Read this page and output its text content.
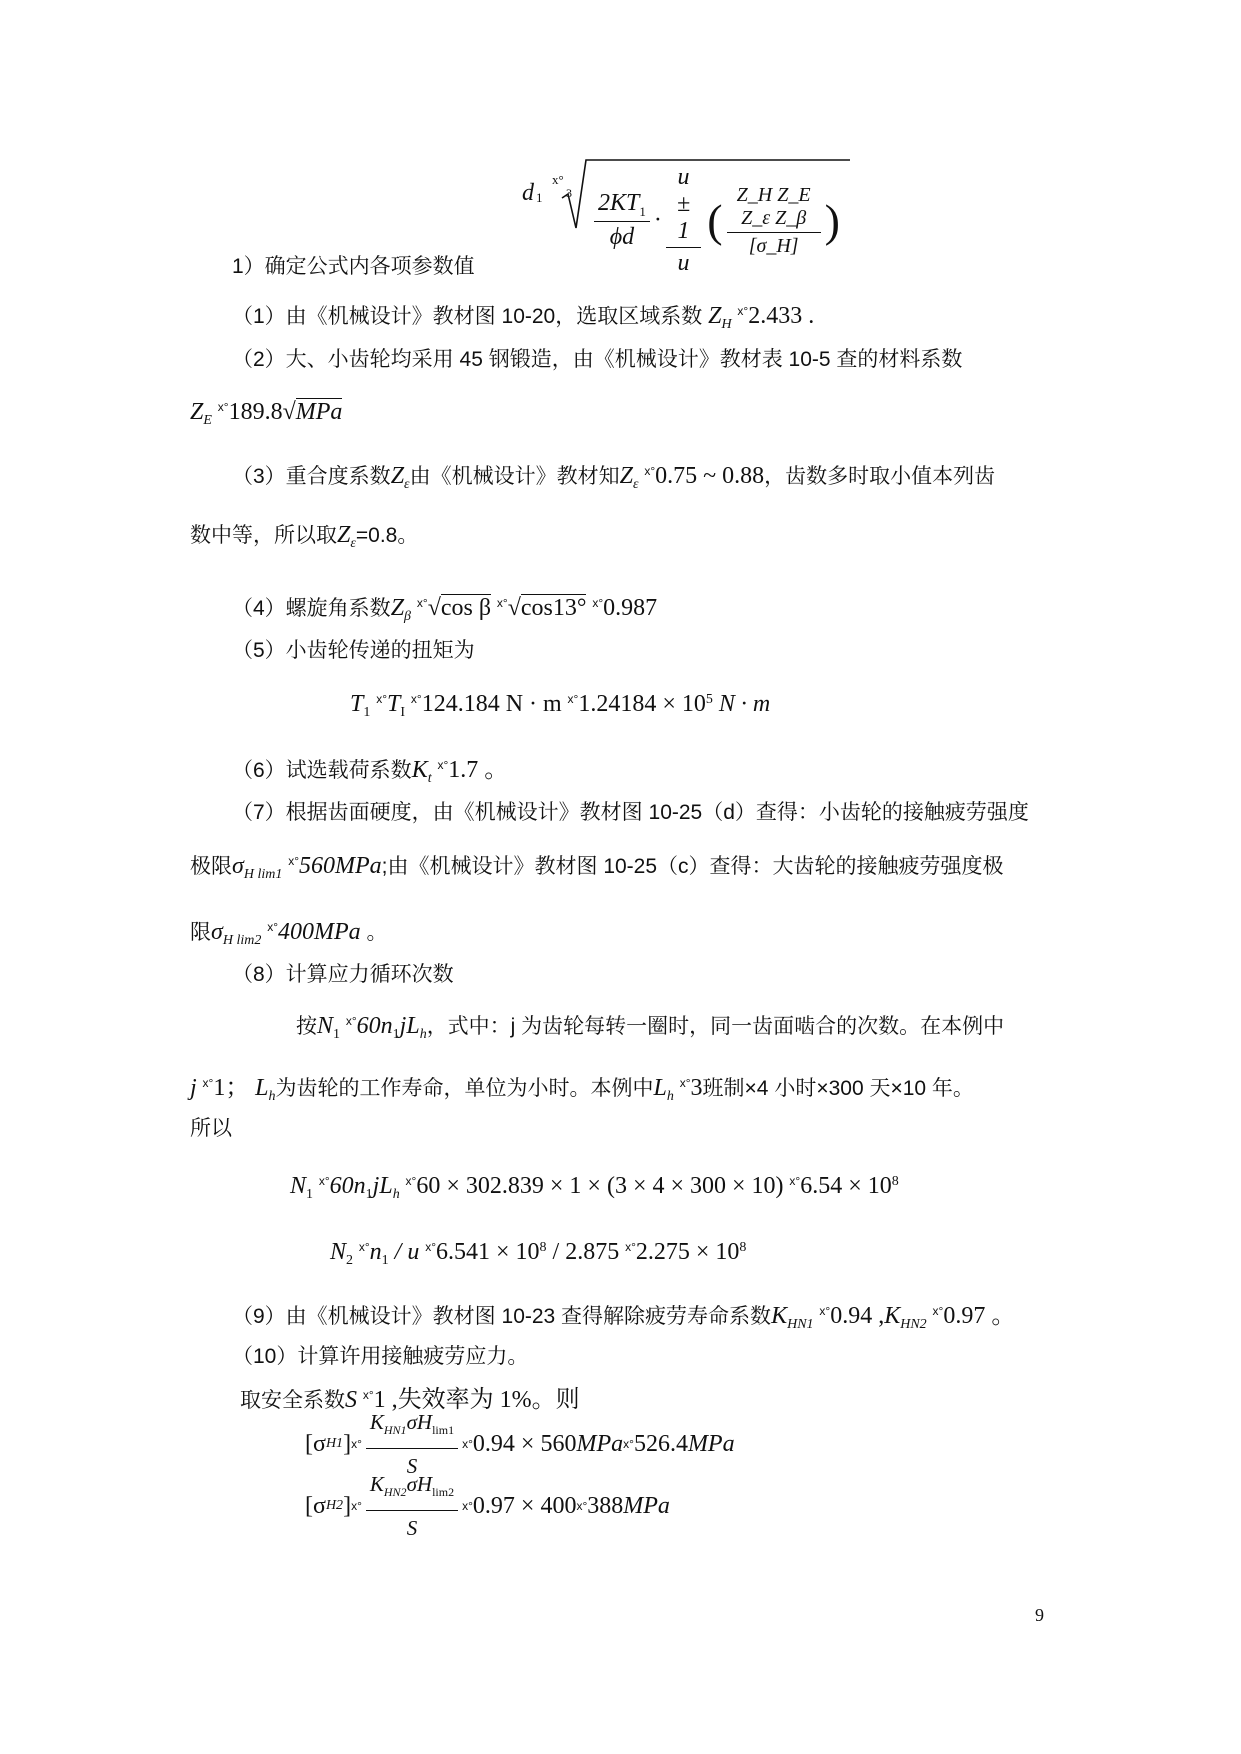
d 1
x°
$3 \frac{2KT_1}{\phi d} \cdot \frac{u \pm 1}{u}$ ( $\frac{\text{Z\_H Z\_E Z\_ε Z\_β}}{[\sigma\_H]}$ )
1）确定公式内各项参数值
（1）由《机械设计》教材图 10-20，选取区域系数 $Z_H$ $^{x^\circ}$2.433 .
（2）大、小齿轮均采用 45 钢锻造，由《机械设计》教材表 10-5 查的材料系数
$Z_E$ $^{x^\circ}$189.8√MPa
（3）重合度系数$Z_\varepsilon$由《机械设计》教材知$Z_\varepsilon$ $^{x^\circ}$0.75 ~ 0.88，齿数多时取小值本列齿
数中等，所以取$Z_\varepsilon=0.8$。
（4）螺旋角系数$Z_\beta$ $^{x^\circ}$√cos β $^{x^\circ}$√cos13° $^{x^\circ}$0.987
（5）小齿轮传递的扭矩为
$T_1$ $^{x^\circ}T_I$ $^{x^\circ}$124.184 N · m $^{x^\circ}1.24184 \times 10^5$ N · m
（6）试选载荷系数$K_t$ $^{x^\circ}$1.7 。
（7）根据齿面硬度，由《机械设计》教材图 10-25（d）查得：小齿轮的接触疲劳强度
极限$\sigma_{H lim1}$ $^{x^\circ}$560MPa;由《机械设计》教材图 10-25（c）查得：大齿轮的接触疲劳强度极
限$\sigma_{H lim2}$ $^{x^\circ}$400MPa 。
（8）计算应力循环次数
按$N_1$ $^{x^\circ}60n_1jL_h$，式中：j 为齿轮每转一圈时，同一齿面啮合的次数。在本例中
j $^{x^\circ}$1； $L_h$为齿轮的工作寿命，单位为小时。本例中$L_h$ $^{x^\circ}$3班制×4 小时×300 天×10 年。
所以
$N_1$ $^{x^\circ}60n_1jL_h$ $^{x^\circ}$60 × 302.839 × 1 × (3 × 4 × 300 × 10) $^{x^\circ}6.54 \times 10^8$
$N_2$ $^{x^\circ}n_1$ / u $^{x^\circ}6.541 \times 10^8 / 2.875$ $^{x^\circ}2.275 \times 10^8$
（9）由《机械设计》教材图 10-23 查得解除疲劳寿命系数$K_{HN1}$ $^{x^\circ}$0.94 $,K_{HN2}$ $^{x^\circ}$0.97 。
（10）计算许用接触疲劳应力。
取安全系数S $^{x^\circ}$1 ,失效率为 1%。则
[σ H1 ] $x^\circ \frac{K_{HN1}\sigma H_{lim1}}{S} x^\circ$ 0.94 × 560 MPa x° 526.4 MPa
[σ H2 ] $x^\circ \frac{K_{HN2}\sigma H_{lim2}}{S} x^\circ$ 0.97 × 400 x° 388 MPa
9
